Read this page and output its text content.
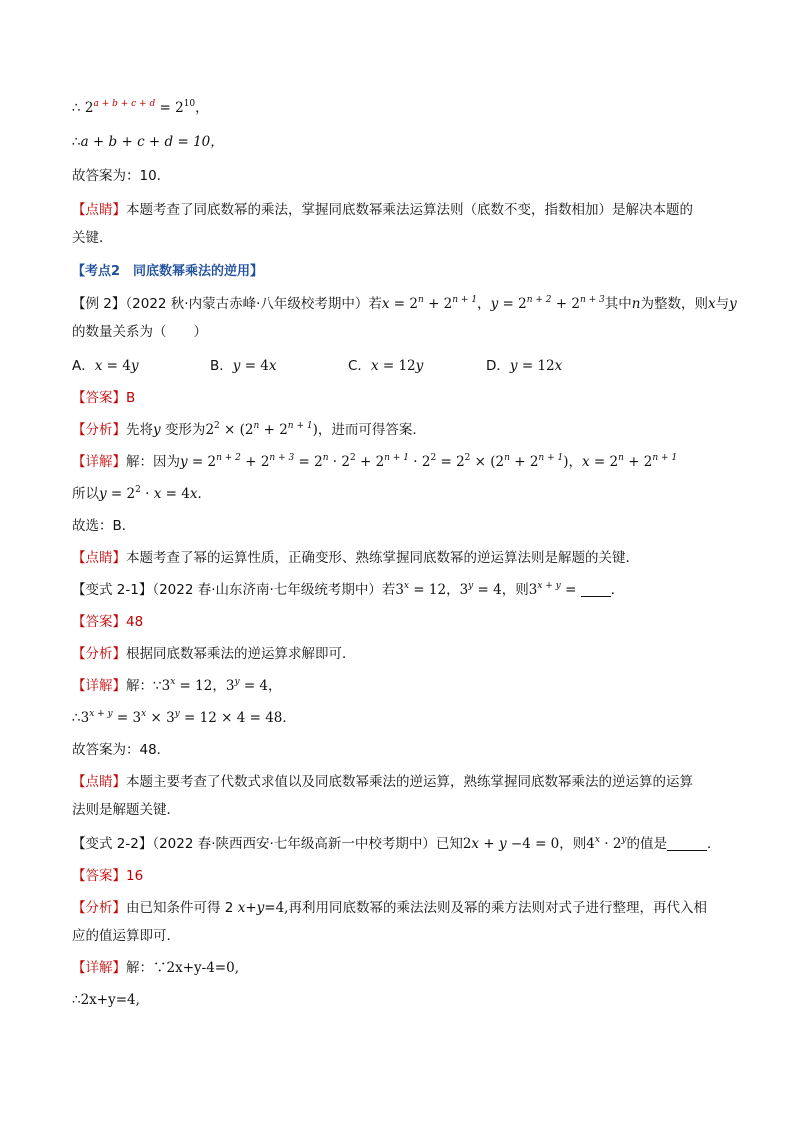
∴ $2^{a + b + c + d} = 2^{10}$，
∴a + b + c + d = 10，
故答案为：10．
【点睛】本题考查了同底数幂的乘法，掌握同底数幂乘法运算法则（底数不变，指数相加）是解决本题的
关键．
【考点2　同底数幂乘法的逆用】
【例 2】（2022 秋·内蒙古赤峰·八年级校考期中）若$x = 2^n + 2^{n + 1}$，$y = 2^{n + 2} + 2^{n + 3}$其中n为整数，则x与y
的数量关系为（　　）
A．x = 4y	B．y = 4x	C．x = 12y	D．y = 12x
【答案】B
【分析】先将y 变形为$2^2 \times (2^n + 2^{n + 1})$，进而可得答案．
【详解】解：因为$y = 2^{n + 2} + 2^{n + 3} = 2^n \cdot 2^2 + 2^{n + 1} \cdot 2^2 = 2^2 \times (2^n + 2^{n + 1})$，$x = 2^n + 2^{n + 1}$
所以$y = 2^2 \cdot x = 4x$．
故选：B．
【点睛】本题考查了幂的运算性质，正确变形、熟练掌握同底数幂的逆运算法则是解题的关键．
【变式 2-1】（2022 春·山东济南·七年级统考期中）若$3^x = 12$，$3^y = 4$，则$3^{x + y}$ = ．
【答案】48
【分析】根据同底数幂乘法的逆运算求解即可．
【详解】解：$\because 3^x = 12$，$3^y = 4$，
$\therefore 3^{x + y} = 3^x \times 3^y = 12 \times 4 = 48$．
故答案为：48．
【点睛】本题主要考查了代数式求值以及同底数幂乘法的逆运算，熟练掌握同底数幂乘法的逆运算的运算
法则是解题关键．
【变式 2-2】（2022 春·陕西西安·七年级高新一中校考期中）已知2x + y −4 = 0，则$4^x \cdot 2^y$的值是	．
【答案】16
【分析】由已知条件可得 2 x+y=4,再利用同底数幂的乘法法则及幂的乘方法则对式子进行整理，再代入相
应的值运算即可．
【详解】解：∵2x+y-4=0,
∴2x+y=4,
